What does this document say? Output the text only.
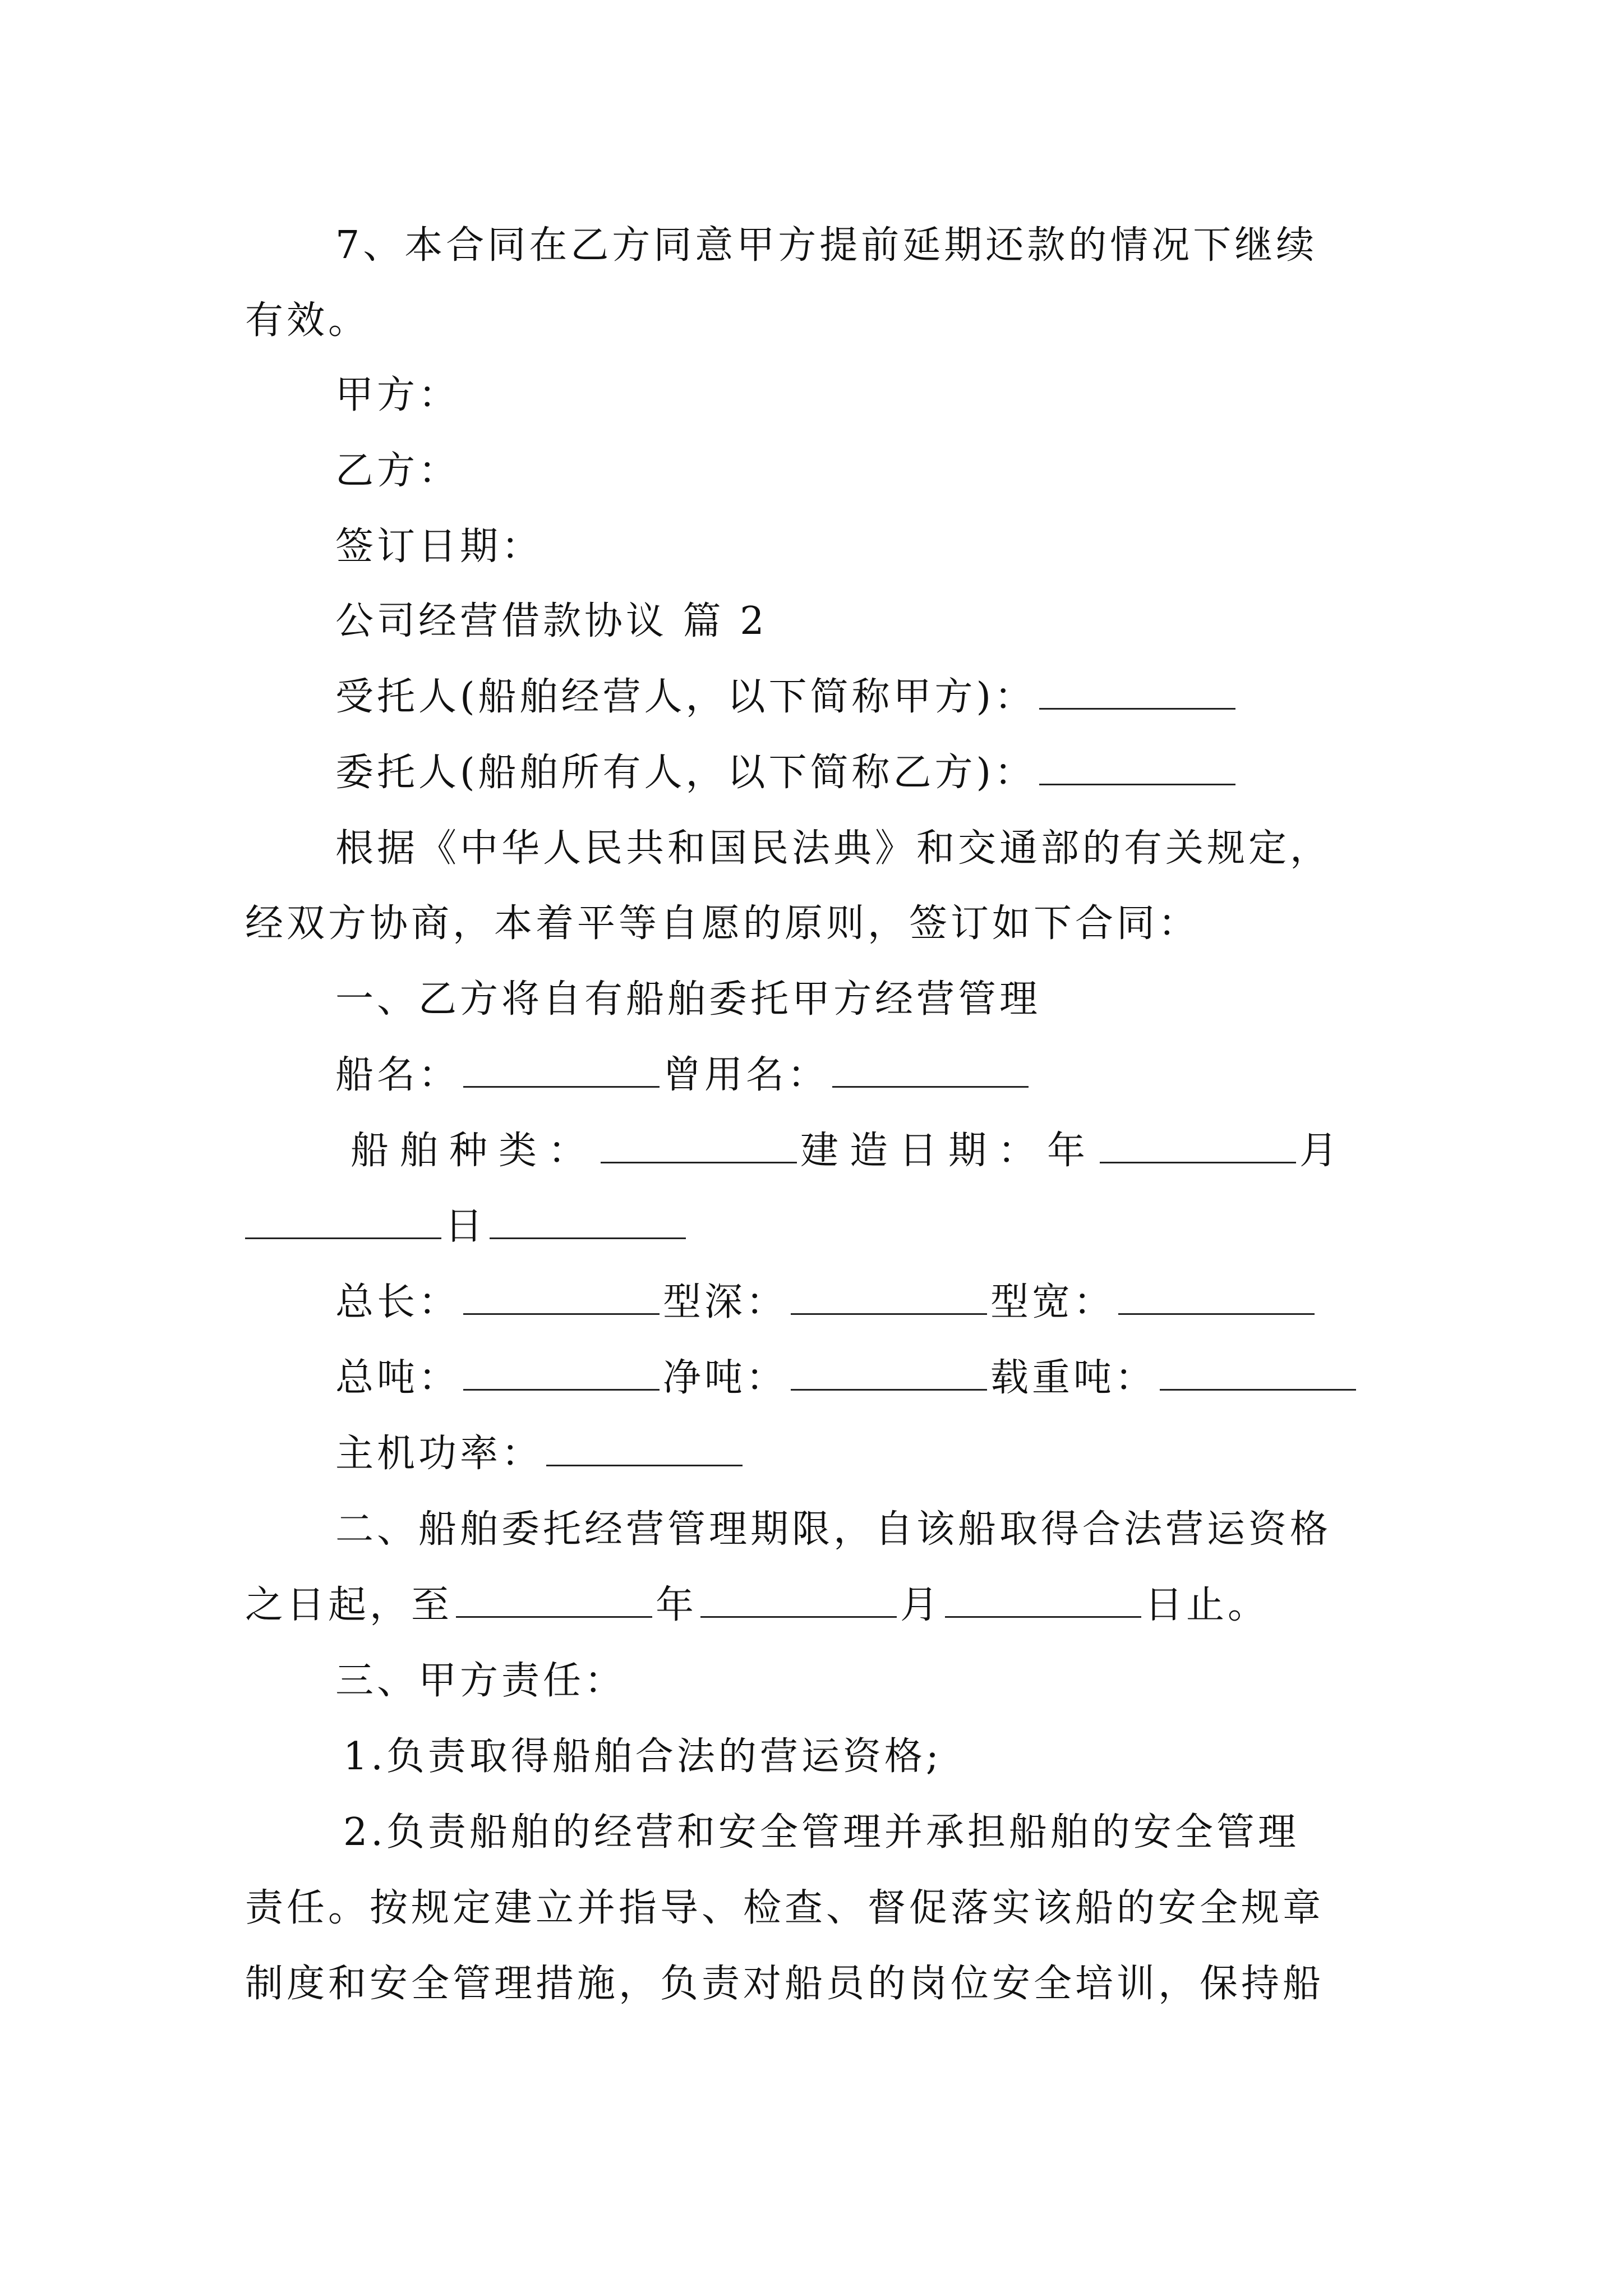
7、本合同在乙方同意甲方提前延期还款的情况下继续
有效。
甲方：
乙方：
签订日期：
公司经营借款协议 篇 2
受托人(船舶经营人，以下简称甲方)：
委托人(船舶所有人，以下简称乙方)：
根据《中华人民共和国民法典》和交通部的有关规定，
经双方协商，本着平等自愿的原则，签订如下合同：
一、乙方将自有船舶委托甲方经营管理
船名：	曾用名：
船舶种类：	建造日期：年	月
日
总长：	型深：	型宽：
总吨：	净吨：	载重吨：
主机功率：
二、船舶委托经营管理期限，自该船取得合法营运资格
之日起，至	年	月	日止。
三、甲方责任：
1.负责取得船舶合法的营运资格;
2.负责船舶的经营和安全管理并承担船舶的安全管理
责任。按规定建立并指导、检查、督促落实该船的安全规章
制度和安全管理措施，负责对船员的岗位安全培训，保持船
